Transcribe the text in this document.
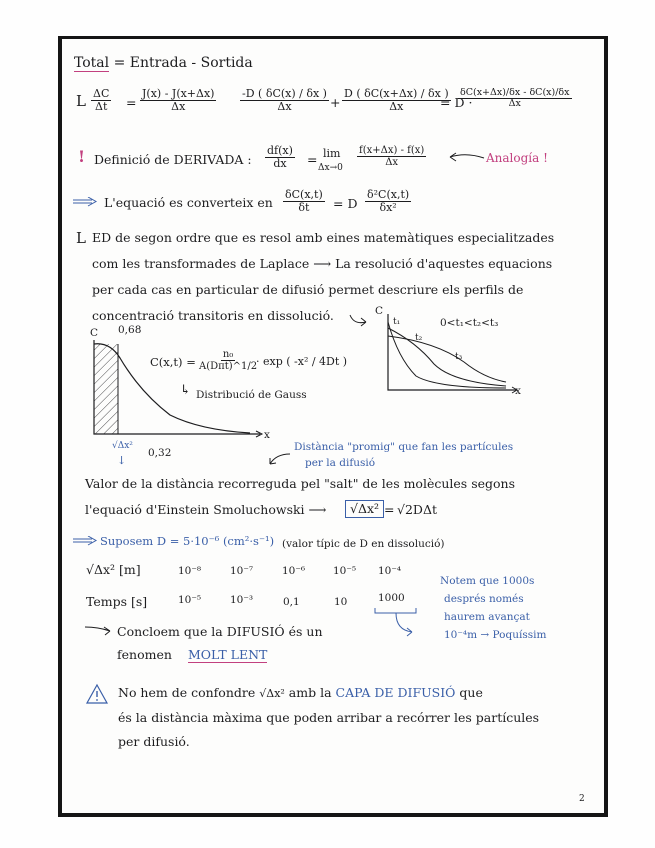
Total = Entrada - Sortida
L $\frac{\Delta C}{\Delta t} = \frac{J(x) - J(x+\Delta x)}{\Delta x} \frac{-D ( \delta C(x) / \delta x )}{\Delta x} + \frac{D ( \delta C(x+\Delta x) / \delta x )}{\Delta x}$
= D ·
$\frac{\delta C(x+\Delta x)/\delta x - \delta C(x)/\delta x}{\Delta x}$
! Definició de DERIVADA : $\frac{df(x)}{dx} = \lim$
$\Delta x\to 0 \frac{f(x+\Delta x) - f(x)}{\Delta x}$	Analogía !
L'equació es converteix en $\frac{\delta C(x,t)}{\delta t} = D \frac{\text{δ²C(x,t)}}{\text{δx²}}$
L ED de segon ordre que es resol amb eines matemàtiques especialitzades
com les transformades de Laplace ⟶ La resolució d'aquestes equacions
per cada cas en particular de difusió permet descriure els perfils de
concentració transitoris en dissolució.
C 0,68
x
C(x,t) =
n₀
A(Dπt)^1/2
· exp ( -x² / 4Dt )
↳ Distribució de Gauss
√Δx²
0,32
↓
C
t₁
t₂
t₃
x
0<t₁<t₂<t₃
Distància "promig" que fan les partícules
per la difusió
Valor de la distància recorreguda pel "salt" de les molècules segons
l'equació d'Einstein Smoluchowski ⟶	√Δx² = √2DΔt
Suposem D = 5·10⁻⁶ (cm²·s⁻¹) (valor típic de D en dissolució)
√Δx² [m]	10⁻⁸	10⁻⁷	10⁻⁶	10⁻⁵ 10⁻⁴
Temps [s]	10⁻⁵	10⁻³	0,1	10	1000
Notem que 1000s
després només
haurem avançat
10⁻⁴m → Poquíssim
Concloem que la DIFUSIÓ és un
fenomen MOLT LENT
No hem de confondre √Δx² amb la CAPA DE DIFUSIÓ que
és la distància màxima que poden arribar a recórrer les partícules
per difusió.
2
